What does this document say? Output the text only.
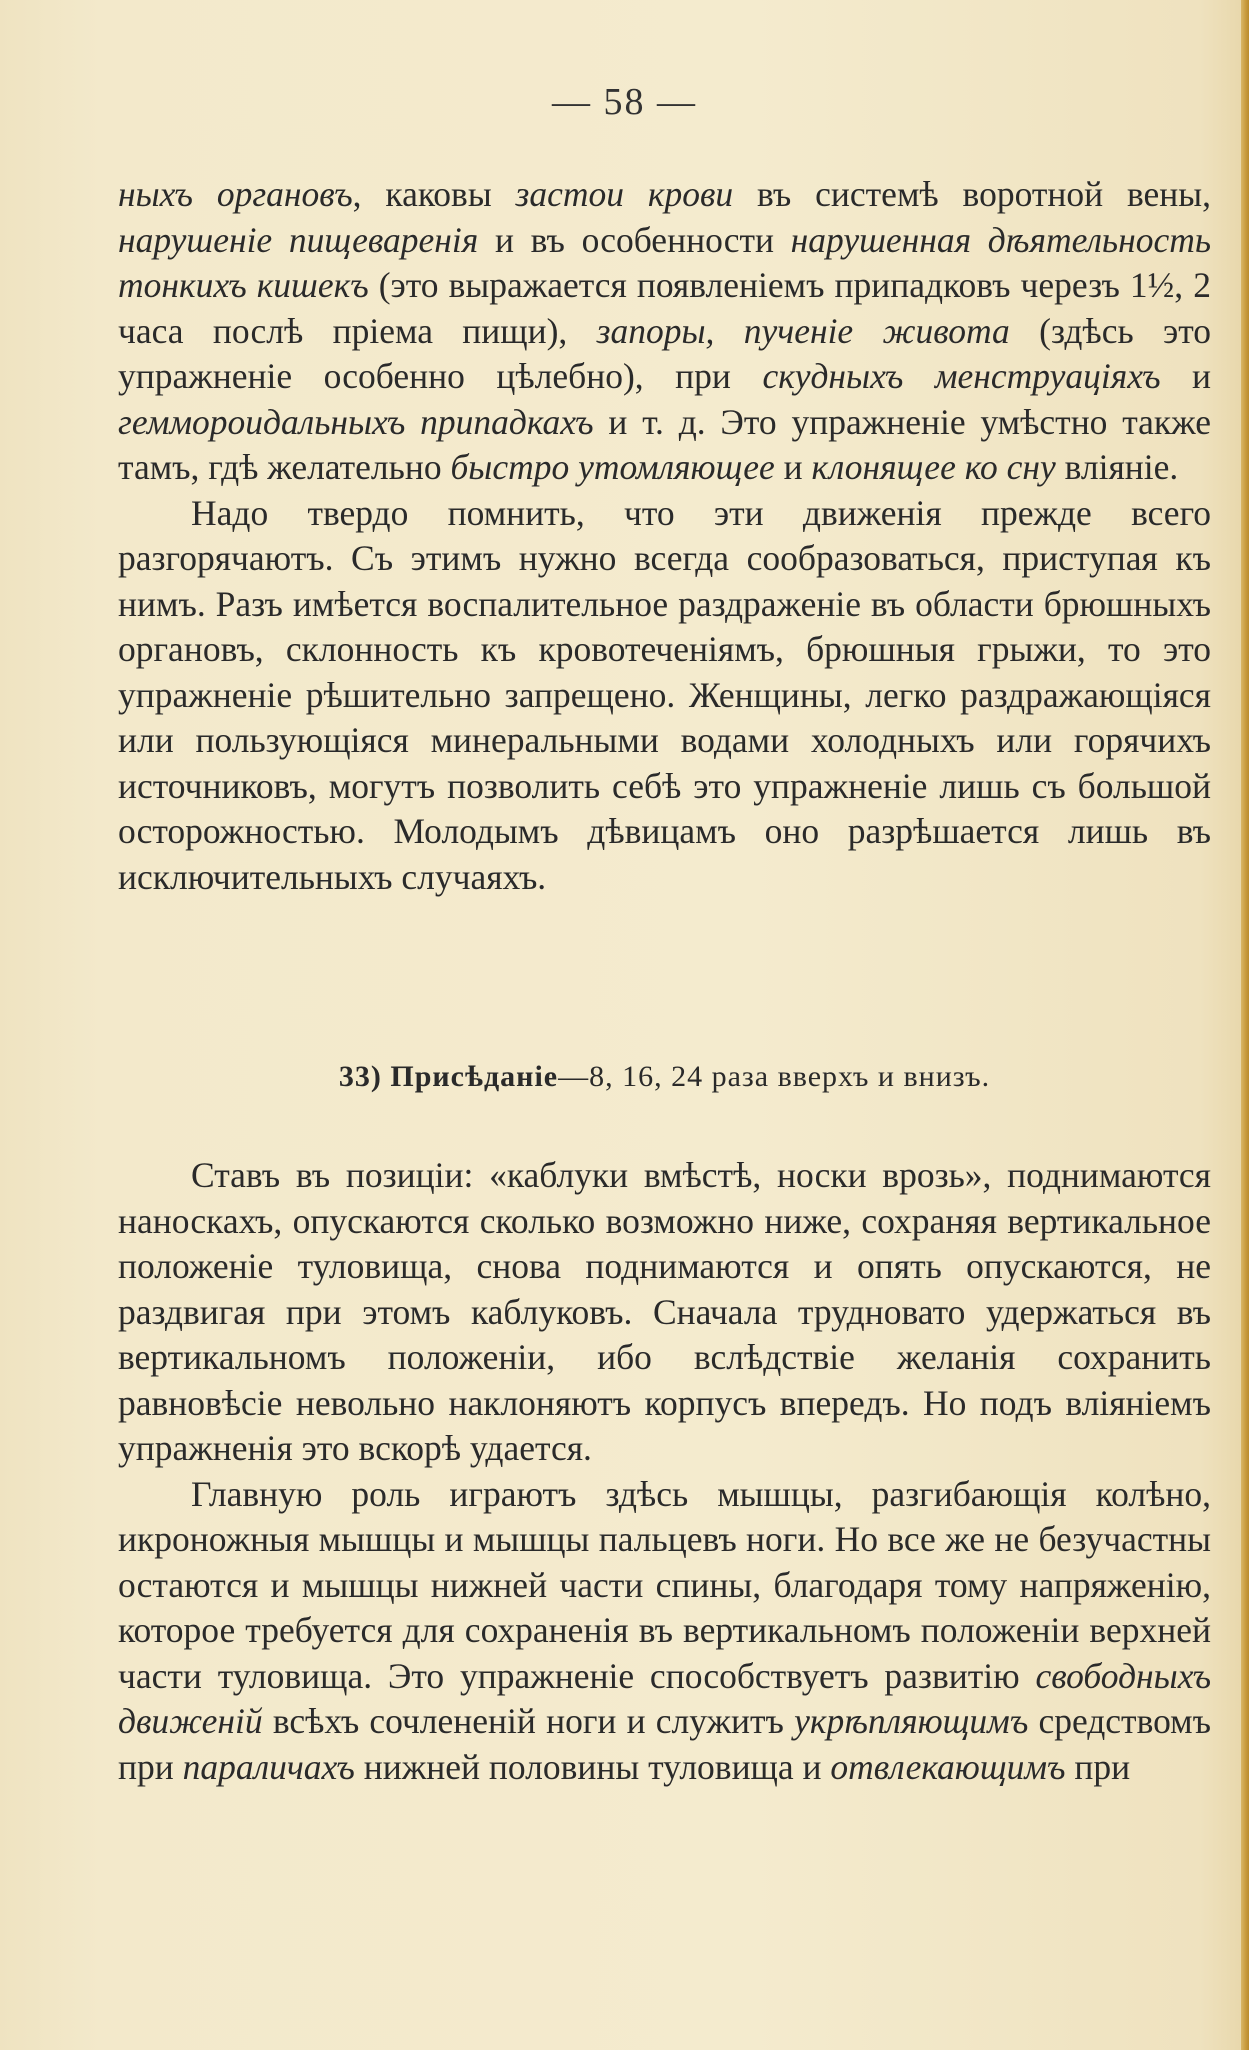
— 58 —

ныхъ органовъ, каковы застои крови въ системѣ воротной вены, нарушеніе пищеваренія и въ особенности нарушенная дѣятельность тонкихъ кишекъ (это выражается появленіемъ припадковъ черезъ 1½, 2 часа послѣ пріема пищи), запоры, пученіе живота (здѣсь это упражненіе особенно цѣлебно), при скудныхъ менструаціяхъ и геммороидальныхъ припадкахъ и т. д. Это упражненіе умѣстно также тамъ, гдѣ желательно быстро утомляющее и клонящее ко сну вліяніе.

Надо твердо помнить, что эти движенія прежде всего разгорячаютъ. Съ этимъ нужно всегда сообразоваться, приступая къ нимъ. Разъ имѣется воспалительное раздраженіе въ области брюшныхъ органовъ, склонность къ кровотеченіямъ, брюшныя грыжи, то это упражненіе рѣшительно запрещено. Женщины, легко раздражающіяся или пользующіяся минеральными водами холодныхъ или горячихъ источниковъ, могутъ позволить себѣ это упражненіе лишь съ большой осторожностью. Молодымъ дѣвицамъ оно разрѣшается лишь въ исключительныхъ случаяхъ.

33) Присѣданіе—8, 16, 24 раза вверхъ и внизъ.

Ставъ въ позиціи: «каблуки вмѣстѣ, носки врозь», поднимаются наноскахъ, опускаются сколько возможно ниже, сохраняя вертикальное положеніе туловища, снова поднимаются и опять опускаются, не раздвигая при этомъ каблуковъ. Сначала трудновато удержаться въ вертикальномъ положеніи, ибо вслѣдствіе желанія сохранить равновѣсіе невольно наклоняютъ корпусъ впередъ. Но подъ вліяніемъ упражненія это вскорѣ удается.

Главную роль играютъ здѣсь мышцы, разгибающія колѣно, икроножныя мышцы и мышцы пальцевъ ноги. Но все же не безучастны остаются и мышцы нижней части спины, благодаря тому напряженію, которое требуется для сохраненія въ вертикальномъ положеніи верхней части туловища. Это упражненіе способствуетъ развитію свободныхъ движеній всѣхъ сочлененій ноги и служитъ укрѣпляющимъ средствомъ при параличахъ нижней половины туловища и отвлекающимъ при
